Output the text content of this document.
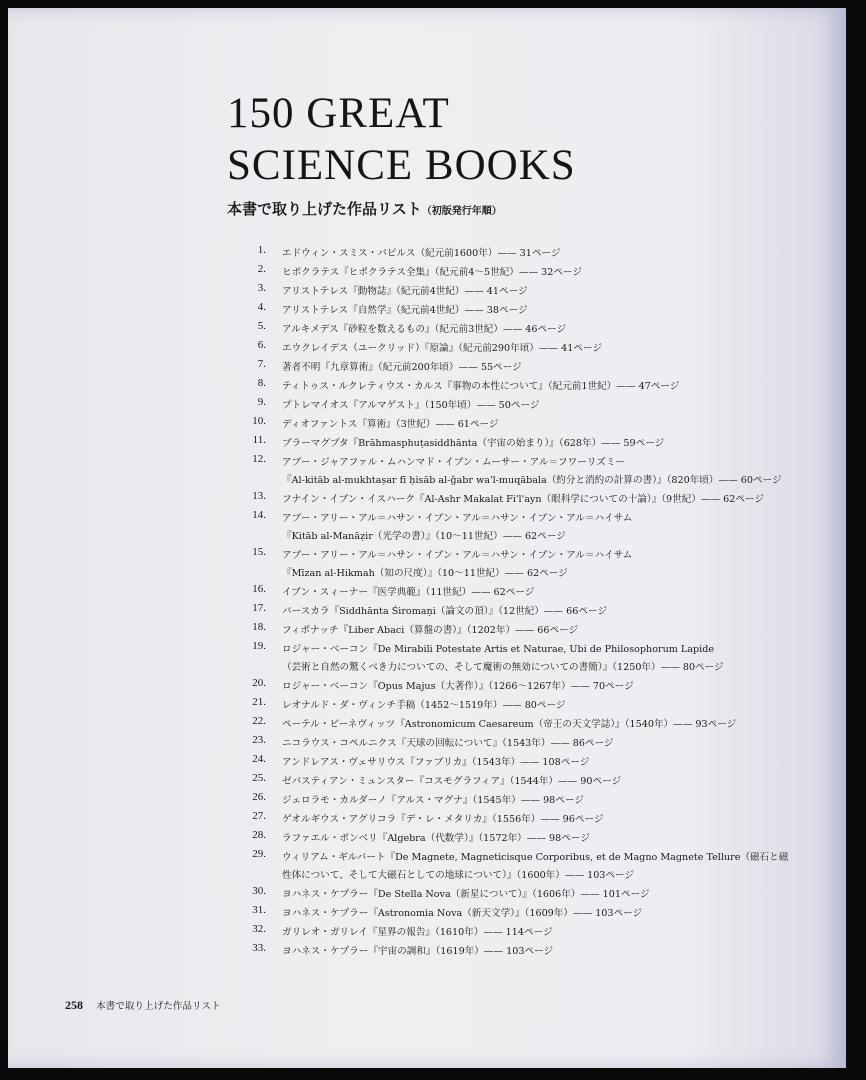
150 GREAT
SCIENCE BOOKS
本書で取り上げた作品リスト（初版発行年順）
1.	エドウィン・スミス・パピルス（紀元前1600年）—— 31ページ
2.	ヒポクラテス『ヒポクラテス全集』（紀元前4～5世紀）—— 32ページ
3.	アリストテレス『動物誌』（紀元前4世紀）—— 41ページ
4.	アリストテレス『自然学』（紀元前4世紀）—— 38ページ
5.	アルキメデス『砂粒を数えるもの』（紀元前3世紀）—— 46ページ
6.	エウクレイデス（ユークリッド）『原論』（紀元前290年頃）—— 41ページ
7.	著者不明『九章算術』（紀元前200年頃）—— 55ページ
8.	ティトゥス・ルクレティウス・カルス『事物の本性について』（紀元前1世紀）—— 47ページ
9.	プトレマイオス『アルマゲスト』（150年頃）—— 50ページ
10.	ディオファントス『算術』（3世紀）—— 61ページ
11.	ブラーマグプタ『Brāhmasphuṭasiddhānta（宇宙の始まり）』（628年）—— 59ページ
12.	アブー・ジャアファル・ムハンマド・イブン・ムーサー・アル＝フワーリズミー
『Al-kitāb al-mukhtaṣar fī ḥisāb al-ǧabr wa'l-muqābala（約分と消約の計算の書）』（820年頃）—— 60ページ
13.	フナイン・イブン・イスハーク『Al-Ashr Makalat Fi'l'ayn（眼科学についての十論）』（9世紀）—— 62ページ
14.	アブー・アリー・アル＝ハサン・イブン・アル＝ハサン・イブン・アル＝ハイサム
『Kitāb al-Manāẓir（光学の書）』（10～11世紀）—— 62ページ
15.	アブー・アリー・アル＝ハサン・イブン・アル＝ハサン・イブン・アル＝ハイサム
『Mīzan al-Hikmah（知の尺度）』（10～11世紀）—— 62ページ
16.	イブン・スィーナー『医学典範』（11世紀）—— 62ページ
17.	バースカラ『Siddhānta Śiromaṇi（論文の頂）』（12世紀）—— 66ページ
18.	フィボナッチ『Liber Abaci（算盤の書）』（1202年）—— 66ページ
19.	ロジャー・ベーコン『De Mirabili Potestate Artis et Naturae, Ubi de Philosophorum Lapide
（芸術と自然の驚くべき力についての、そして魔術の無効についての書簡）』（1250年）—— 80ページ
20.	ロジャー・ベーコン『Opus Majus（大著作）』（1266～1267年）—— 70ページ
21.	レオナルド・ダ・ヴィンチ手稿（1452～1519年）—— 80ページ
22.	ペーテル・ビーネヴィッツ『Astronomicum Caesareum（帝王の天文学誌）』（1540年）—— 93ページ
23.	ニコラウス・コペルニクス『天球の回転について』（1543年）—— 86ページ
24.	アンドレアス・ヴェサリウス『ファブリカ』（1543年）—— 108ページ
25.	ゼバスティアン・ミュンスター『コスモグラフィア』（1544年）—— 90ページ
26.	ジェロラモ・カルダーノ『アルス・マグナ』（1545年）—— 98ページ
27.	ゲオルギウス・アグリコラ『デ・レ・メタリカ』（1556年）—— 96ページ
28.	ラファエル・ボンベリ『Algebra（代数学）』（1572年）—— 98ページ
29.	ウィリアム・ギルバート『De Magnete, Magneticisque Corporibus, et de Magno Magnete Tellure（磁石と磁
性体について、そして大磁石としての地球について）』（1600年）—— 103ページ
30.	ヨハネス・ケプラー『De Stella Nova（新星について）』（1606年）—— 101ページ
31.	ヨハネス・ケプラー『Astronomia Nova（新天文学）』（1609年）—— 103ページ
32.	ガリレオ・ガリレイ『星界の報告』（1610年）—— 114ページ
33.	ヨハネス・ケプラー『宇宙の調和』（1619年）—— 103ページ
258 本書で取り上げた作品リスト
